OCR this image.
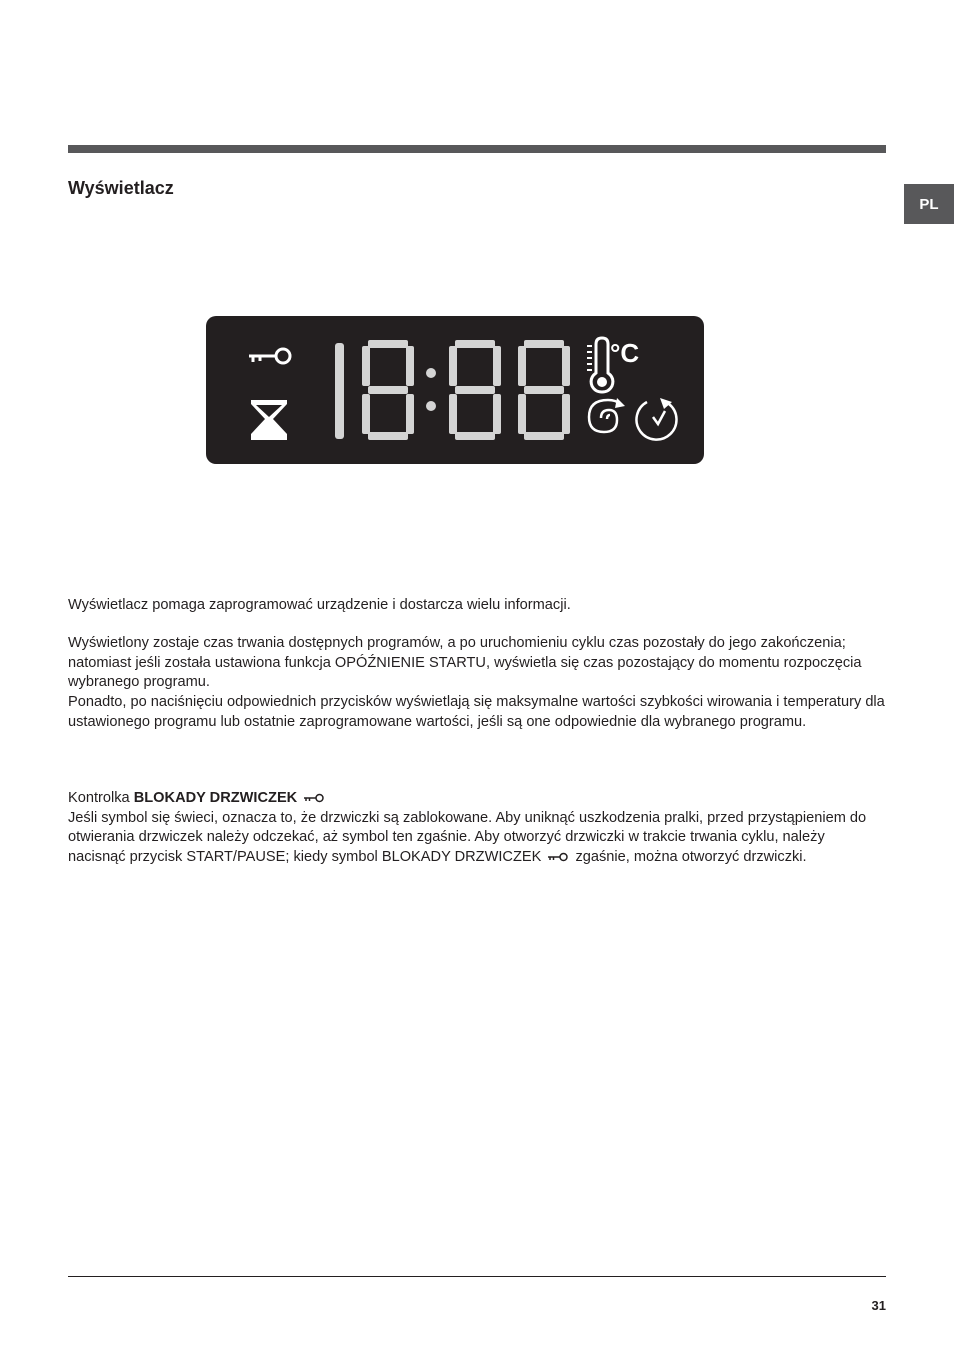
Wyświetlacz
PL
°C

Wyświetlacz pomaga zaprogramować urządzenie i dostarcza wielu informacji.

Wyświetlony zostaje czas trwania dostępnych programów, a po uruchomieniu cyklu czas pozostały do jego zakończenia; natomiast jeśli została ustawiona funkcja OPÓŹNIENIE STARTU, wyświetla się czas pozostający do momentu rozpoczęcia wybranego programu.

Ponadto, po naciśnięciu odpowiednich przycisków wyświetlają się maksymalne wartości szybkości wirowania i temperatury dla ustawionego programu lub ostatnie zaprogramowane wartości, jeśli są one odpowiednie dla wybranego programu.

Kontrolka BLOKADY DRZWICZEK
Jeśli symbol się świeci, oznacza to, że drzwiczki są zablokowane. Aby uniknąć uszkodzenia pralki, przed przystąpieniem do otwierania drzwiczek należy odczekać, aż symbol ten zgaśnie. Aby otworzyć drzwiczki w trakcie trwania cyklu, należy nacisnąć przycisk START/PAUSE; kiedy symbol BLOKADY DRZWICZEK  zgaśnie, można otworzyć drzwiczki.

31
